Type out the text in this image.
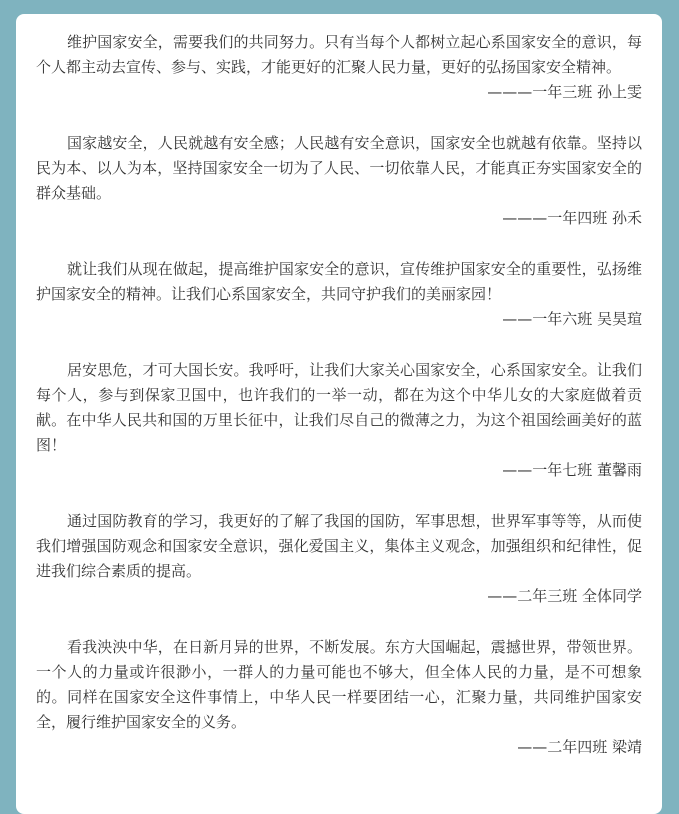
维护国家安全，需要我们的共同努力。只有当每个人都树立起心系国家安全的意识，每个人都主动去宣传、参与、实践，才能更好的汇聚人民力量，更好的弘扬国家安全精神。

———一年三班 孙上雯

国家越安全，人民就越有安全感；人民越有安全意识，国家安全也就越有依靠。坚持以民为本、以人为本，坚持国家安全一切为了人民、一切依靠人民，才能真正夯实国家安全的群众基础。

———一年四班 孙禾

就让我们从现在做起，提高维护国家安全的意识，宣传维护国家安全的重要性，弘扬维护国家安全的精神。让我们心系国家安全，共同守护我们的美丽家园！

——一年六班 吴昊瑄

居安思危，才可大国长安。我呼吁，让我们大家关心国家安全，心系国家安全。让我们每个人，参与到保家卫国中，也许我们的一举一动，都在为这个中华儿女的大家庭做着贡献。在中华人民共和国的万里长征中，让我们尽自己的微薄之力，为这个祖国绘画美好的蓝图！

——一年七班 董馨雨

通过国防教育的学习，我更好的了解了我国的国防，军事思想，世界军事等等，从而使我们增强国防观念和国家安全意识，强化爱国主义，集体主义观念，加强组织和纪律性，促进我们综合素质的提高。

——二年三班 全体同学

看我泱泱中华，在日新月异的世界，不断发展。东方大国崛起，震撼世界，带领世界。一个人的力量或许很渺小，一群人的力量可能也不够大，但全体人民的力量，是不可想象的。同样在国家安全这件事情上，中华人民一样要团结一心，汇聚力量，共同维护国家安全，履行维护国家安全的义务。

——二年四班 梁靖
